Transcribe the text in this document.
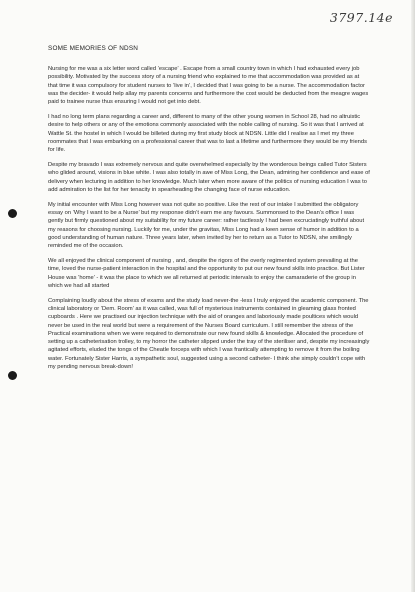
3797.14e
SOME MEMORIES OF NDSN

Nursing for me was a six letter word called ‘escape’ . Escape from a small country town in which I had exhausted every job possibility. Motivated by the success story of a nursing friend who explained to me that accommodation was provided as at that time it was compulsory for student nurses to ‘live in’, I decided that I was going to be a nurse. The accommodation factor was the decider- it would help allay my parents concerns and furthermore the cost would be deducted from the meagre wages paid to trainee nurse thus ensuring I would not get into debt.

I had no long term plans regarding a career and, different to many of the other young women in School 28, had no altruistic desire to help others or any of the emotions commonly associated with the noble calling of nursing. So it was that I arrived at Wattle St. the hostel in which I would be billeted during my first study block at NDSN. Little did I realise as I met my three roommates that I was embarking on a professional career that was to last a lifetime and furthermore they would be my friends for life.

Despite my bravado I was extremely nervous and quite overwhelmed especially by the wonderous beings called Tutor Sisters who glided around, visions in blue white. I was also totally in awe of Miss Long, the Dean, admiring her confidence and ease of delivery when lecturing in addition to her knowledge. Much later when more aware of the politics of nursing education I was to add admiration to the list for her tenacity in spearheading the changing face of nurse education.

My initial encounter with Miss Long however was not quite so positive. Like the rest of our intake I submitted the obligatory essay on ‘Why I want to be a Nurse’ but my response didn’t earn me any favours. Summonsed to the Dean’s office I was gently but firmly questioned about my suitability for my future career: rather tactlessly I had been excruciatingly truthful about my reasons for choosing nursing. Luckily for me, under the gravitas, Miss Long had a keen sense of humor in addition to a good understanding of human nature. Three years later, when invited by her to return as a Tutor to NDSN, she smilingly reminded me of the occasion.

We all enjoyed the clinical component of nursing , and, despite the rigors of the overly regimented system prevailing at the time, loved the nurse-patient interaction in the hospital and the opportunity to put our new found skills into practice. But Lister House was ‘home’ - it was the place to which we all returned at periodic intervals to enjoy the camaraderie of the group in which we had all started

Complaining loudly about the stress of exams and the study load never-the -less I truly enjoyed the academic component. The clinical laboratory or ‘Dem. Room’ as it was called, was full of mysterious instruments contained in gleaming glass fronted cupboards . Here we practised our injection technique with the aid of oranges and laboriously made poultices which would never be used in the real world but were a requirement of the Nurses Board curriculum. I still remember the stress of the Practical examinations when we were required to demonstrate our new found skills & knowledge. Allocated the procedure of setting up a catheterisation trolley, to my horror the catheter slipped under the tray of the steriliser and, despite my increasingly agitated efforts, eluded the tongs of the Cheatle forceps with which I was frantically attempting to remove it from the boiling water. Fortunately Sister Harris, a sympathetic soul, suggested using a second catheter- I think she simply couldn’t cope with my pending nervous break-down!
